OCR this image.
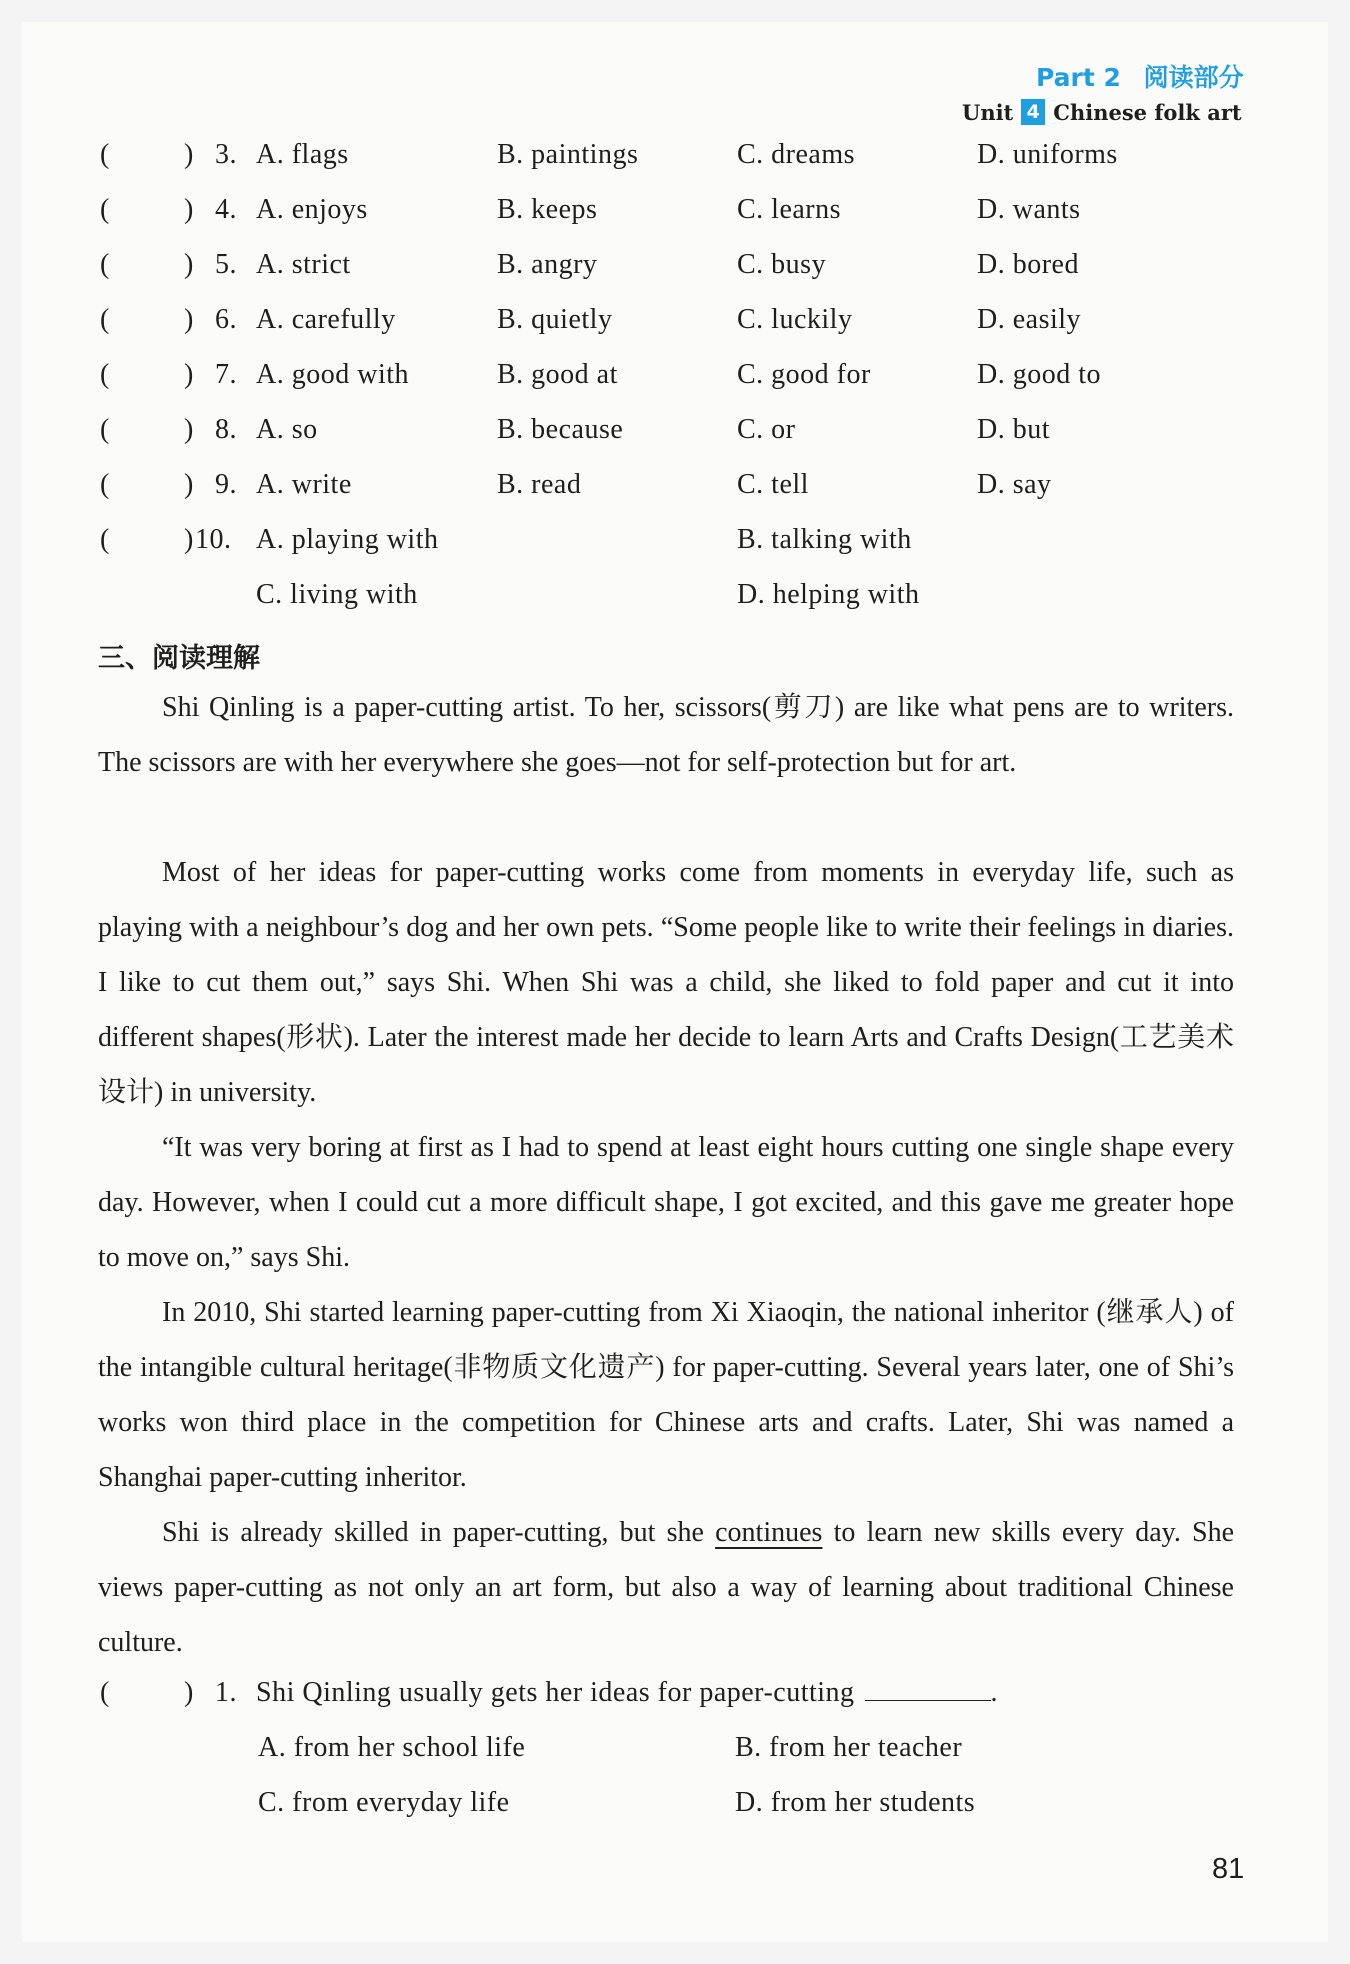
Part 2 阅读部分
Unit 4 Chinese folk art
(	) 3. A. flags	B. paintings	C. dreams	D. uniforms
(	) 4. A. enjoys	B. keeps	C. learns	D. wants
(	) 5. A. strict	B. angry	C. busy	D. bored
(	) 6. A. carefully	B. quietly	C. luckily	D. easily
(	) 7. A. good with	B. good at	C. good for	D. good to
(	) 8. A. so	B. because	C. or	D. but
(	) 9. A. write	B. read	C. tell	D. say
(	) 10. A. playing with	B. talking with
C. living with	D. helping with
三、阅读理解

Shi Qinling is a paper-cutting artist. To her, scissors(剪刀) are like what pens are to writers. The scissors are with her everywhere she goes—not for self-protection but for art.

Most of her ideas for paper-cutting works come from moments in everyday life, such as playing with a neighbour’s dog and her own pets. “Some people like to write their feelings in diaries. I like to cut them out,” says Shi. When Shi was a child, she liked to fold paper and cut it into different shapes(形状). Later the interest made her decide to learn Arts and Crafts Design(工艺美术设计) in university.

“It was very boring at first as I had to spend at least eight hours cutting one single shape every day. However, when I could cut a more difficult shape, I got excited, and this gave me greater hope to move on,” says Shi.

In 2010, Shi started learning paper-cutting from Xi Xiaoqin, the national inheritor (继承人) of the intangible cultural heritage(非物质文化遗产) for paper-cutting. Several years later, one of Shi’s works won third place in the competition for Chinese arts and crafts. Later, Shi was named a Shanghai paper-cutting inheritor.

Shi is already skilled in paper-cutting, but she continues to learn new skills every day. She views paper-cutting as not only an art form, but also a way of learning about traditional Chinese culture.

(	) 1. Shi Qinling usually gets her ideas for paper-cutting	.
A. from her school life	B. from her teacher
C. from everyday life	D. from her students
81
